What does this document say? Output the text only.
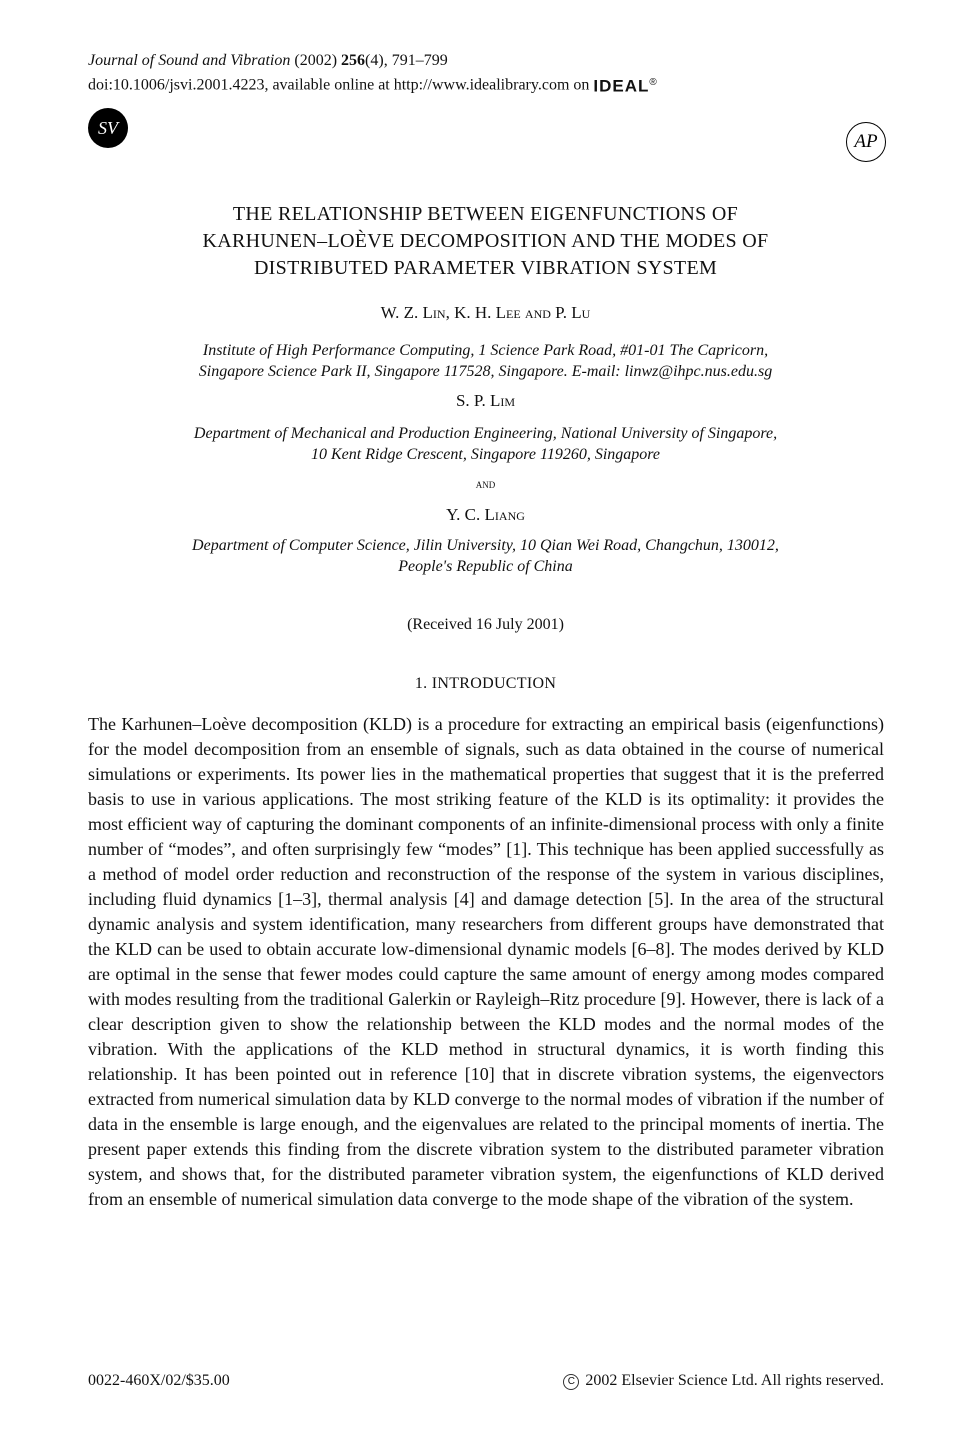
Journal of Sound and Vibration (2002) 256(4), 791–799
doi:10.1006/jsvi.2001.4223, available online at http://www.idealibrary.com on IDEAL®
SV
AP
THE RELATIONSHIP BETWEEN EIGENFUNCTIONS OF
KARHUNEN–LOÈVE DECOMPOSITION AND THE MODES OF
DISTRIBUTED PARAMETER VIBRATION SYSTEM
W. Z. Lin, K. H. Lee and P. Lu
Institute of High Performance Computing, 1 Science Park Road, #01-01 The Capricorn,
Singapore Science Park II, Singapore 117528, Singapore. E-mail: linwz@ihpc.nus.edu.sg
S. P. Lim
Department of Mechanical and Production Engineering, National University of Singapore,
10 Kent Ridge Crescent, Singapore 119260, Singapore
and
Y. C. Liang
Department of Computer Science, Jilin University, 10 Qian Wei Road, Changchun, 130012,
People's Republic of China
(Received 16 July 2001)
1. INTRODUCTION
The Karhunen–Loève decomposition (KLD) is a procedure for extracting an empirical basis (eigenfunctions) for the model decomposition from an ensemble of signals, such as data obtained in the course of numerical simulations or experiments. Its power lies in the mathematical properties that suggest that it is the preferred basis to use in various applications. The most striking feature of the KLD is its optimality: it provides the most efficient way of capturing the dominant components of an infinite-dimensional process with only a finite number of “modes”, and often surprisingly few “modes” [1]. This technique has been applied successfully as a method of model order reduction and reconstruction of the response of the system in various disciplines, including fluid dynamics [1–3], thermal analysis [4] and damage detection [5]. In the area of the structural dynamic analysis and system identification, many researchers from different groups have demonstrated that the KLD can be used to obtain accurate low-dimensional dynamic models [6–8]. The modes derived by KLD are optimal in the sense that fewer modes could capture the same amount of energy among modes compared with modes resulting from the traditional Galerkin or Rayleigh–Ritz procedure [9]. However, there is lack of a clear description given to show the relationship between the KLD modes and the normal modes of the vibration. With the applications of the KLD method in structural dynamics, it is worth finding this relationship. It has been pointed out in reference [10] that in discrete vibration systems, the eigenvectors extracted from numerical simulation data by KLD converge to the normal modes of vibration if the number of data in the ensemble is large enough, and the eigenvalues are related to the principal moments of inertia. The present paper extends this finding from the discrete vibration system to the distributed parameter vibration system, and shows that, for the distributed parameter vibration system, the eigenfunctions of KLD derived from an ensemble of numerical simulation data converge to the mode shape of the vibration of the system.
0022-460X/02/$35.00	C 2002 Elsevier Science Ltd. All rights reserved.
